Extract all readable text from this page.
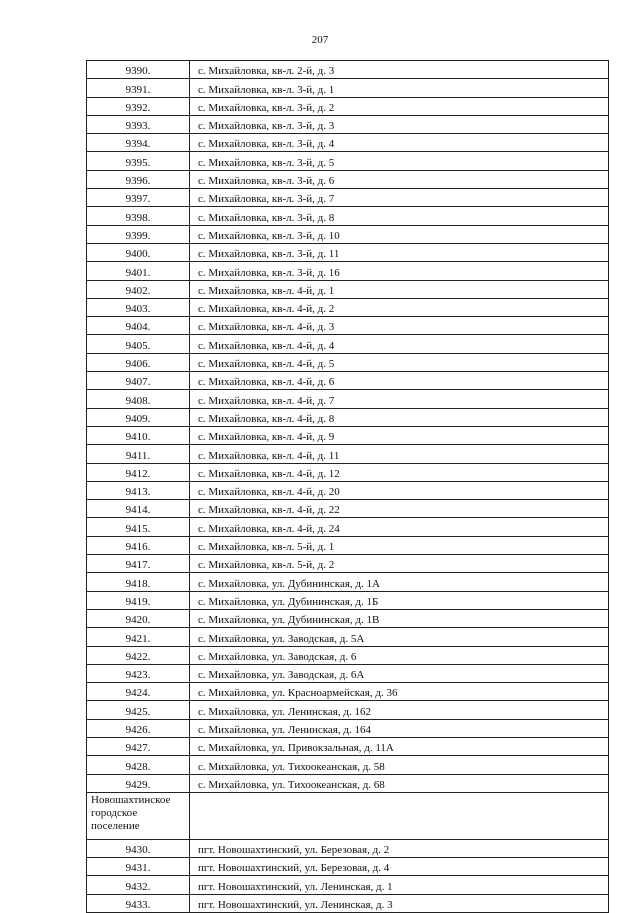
207
9390.	с. Михайловка, кв-л. 2-й, д. 3
9391.	с. Михайловка, кв-л. 3-й, д. 1
9392.	с. Михайловка, кв-л. 3-й, д. 2
9393.	с. Михайловка, кв-л. 3-й, д. 3
9394.	с. Михайловка, кв-л. 3-й, д. 4
9395.	с. Михайловка, кв-л. 3-й, д. 5
9396.	с. Михайловка, кв-л. 3-й, д. 6
9397.	с. Михайловка, кв-л. 3-й, д. 7
9398.	с. Михайловка, кв-л. 3-й, д. 8
9399.	с. Михайловка, кв-л. 3-й, д. 10
9400.	с. Михайловка, кв-л. 3-й, д. 11
9401.	с. Михайловка, кв-л. 3-й, д. 16
9402.	с. Михайловка, кв-л. 4-й, д. 1
9403.	с. Михайловка, кв-л. 4-й, д. 2
9404.	с. Михайловка, кв-л. 4-й, д. 3
9405.	с. Михайловка, кв-л. 4-й, д. 4
9406.	с. Михайловка, кв-л. 4-й, д. 5
9407.	с. Михайловка, кв-л. 4-й, д. 6
9408.	с. Михайловка, кв-л. 4-й, д. 7
9409.	с. Михайловка, кв-л. 4-й, д. 8
9410.	с. Михайловка, кв-л. 4-й, д. 9
9411.	с. Михайловка, кв-л. 4-й, д. 11
9412.	с. Михайловка, кв-л. 4-й, д. 12
9413.	с. Михайловка, кв-л. 4-й, д. 20
9414.	с. Михайловка, кв-л. 4-й, д. 22
9415.	с. Михайловка, кв-л. 4-й, д. 24
9416.	с. Михайловка, кв-л. 5-й, д. 1
9417.	с. Михайловка, кв-л. 5-й, д. 2
9418.	с. Михайловка, ул. Дубининская, д. 1А
9419.	с. Михайловка, ул. Дубининская, д. 1Б
9420.	с. Михайловка, ул. Дубининская, д. 1В
9421.	с. Михайловка, ул. Заводская, д. 5А
9422.	с. Михайловка, ул. Заводская, д. 6
9423.	с. Михайловка, ул. Заводская, д. 6А
9424.	с. Михайловка, ул. Красноармейская, д. 36
9425.	с. Михайловка, ул. Ленинская, д. 162
9426.	с. Михайловка, ул. Ленинская, д. 164
9427.	с. Михайловка, ул. Привокзальная, д. 11А
9428.	с. Михайловка, ул. Тихоокеанская, д. 58
9429.	с. Михайловка, ул. Тихоокеанская, д. 68
Новошахтинское городское поселение	
9430.	пгт. Новошахтинский, ул. Березовая, д. 2
9431.	пгт. Новошахтинский, ул. Березовая, д. 4
9432.	пгт. Новошахтинский, ул. Ленинская, д. 1
9433.	пгт. Новошахтинский, ул. Ленинская, д. 3
